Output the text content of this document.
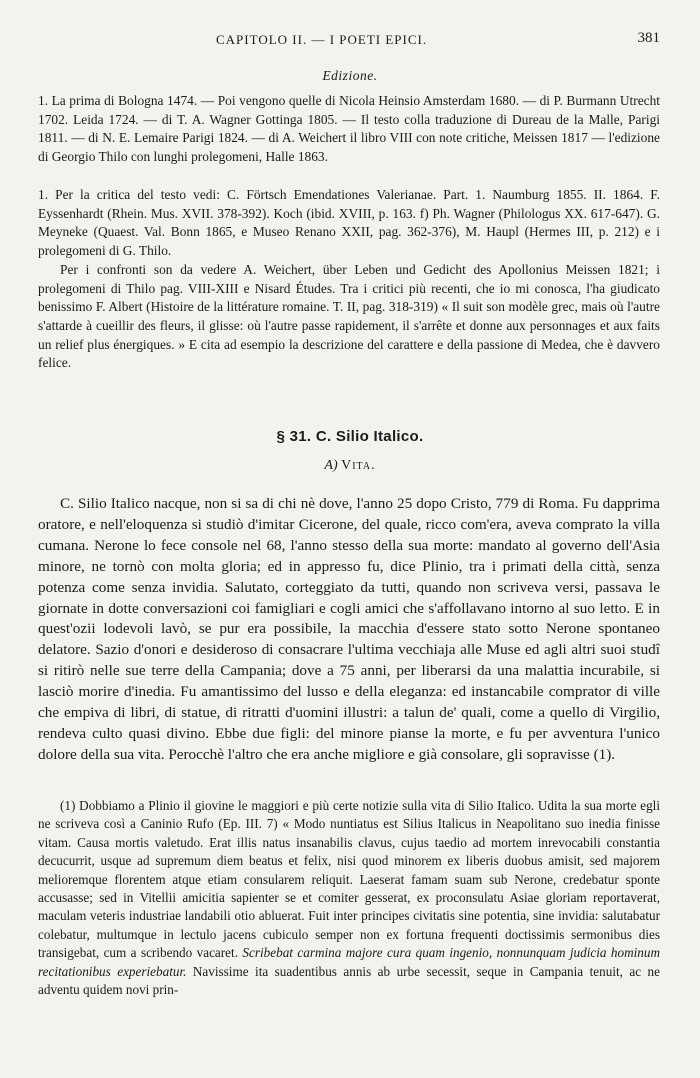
CAPITOLO II. — I POETI EPICI.	381
Edizione.

1. La prima di Bologna 1474. — Poi vengono quelle di Nicola Heinsio Amsterdam 1680. — di P. Burmann Utrecht 1702. Leida 1724. — di T. A. Wagner Gottinga 1805. — Il testo colla traduzione di Dureau de la Malle, Parigi 1811. — di N. E. Lemaire Parigi 1824. — di A. Weichert il libro VIII con note critiche, Meissen 1817 — l'edizione di Georgio Thilo con lunghi prolegomeni, Halle 1863.

1. Per la critica del testo vedi: C. Förtsch Emendationes Valerianae. Part. 1. Naumburg 1855. II. 1864. F. Eyssenhardt (Rhein. Mus. XVII. 378-392). Koch (ibid. XVIII, p. 163. f) Ph. Wagner (Philologus XX. 617-647). G. Meyneke (Quaest. Val. Bonn 1865, e Museo Renano XXII, pag. 362-376), M. Haupl (Hermes III, p. 212) e i prolegomeni di G. Thilo.

Per i confronti son da vedere A. Weichert, über Leben und Gedicht des Apollonius Meissen 1821; i prolegomeni di Thilo pag. VIII-XIII e Nisard Études. Tra i critici più recenti, che io mi conosca, l'ha giudicato benissimo F. Albert (Histoire de la littérature romaine. T. II, pag. 318-319) « Il suit son modèle grec, mais où l'autre s'attarde à cueillir des fleurs, il glisse: où l'autre passe rapidement, il s'arrête et donne aux personnages et aux faits un relief plus énergiques. » E cita ad esempio la descrizione del carattere e della passione di Medea, che è davvero felice.

§ 31. C. Silio Italico.
A) Vita.

C. Silio Italico nacque, non si sa di chi nè dove, l'anno 25 dopo Cristo, 779 di Roma. Fu dapprima oratore, e nell'eloquenza si studiò d'imitar Cicerone, del quale, ricco com'era, aveva comprato la villa cumana. Nerone lo fece console nel 68, l'anno stesso della sua morte: mandato al governo dell'Asia minore, ne tornò con molta gloria; ed in appresso fu, dice Plinio, tra i primati della città, senza potenza come senza invidia. Salutato, corteggiato da tutti, quando non scriveva versi, passava le giornate in dotte conversazioni coi famigliari e cogli amici che s'affollavano intorno al suo letto. E in quest'ozii lodevoli lavò, se pur era possibile, la macchia d'essere stato sotto Nerone spontaneo delatore. Sazio d'onori e desideroso di consacrare l'ultima vecchiaja alle Muse ed agli altri suoi studî si ritirò nelle sue terre della Campania; dove a 75 anni, per liberarsi da una malattia incurabile, si lasciò morire d'inedia. Fu amantissimo del lusso e della eleganza: ed instancabile comprator di ville che empiva di libri, di statue, di ritratti d'uomini illustri: a talun de' quali, come a quello di Virgilio, rendeva culto quasi divino. Ebbe due figli: del minore pianse la morte, e fu per avventura l'unico dolore della sua vita. Perocchè l'altro che era anche migliore e già consolare, gli sopravisse (1).

(1) Dobbiamo a Plinio il giovine le maggiori e più certe notizie sulla vita di Silio Italico. Udita la sua morte egli ne scriveva così a Caninio Rufo (Ep. III. 7) « Modo nuntiatus est Silius Italicus in Neapolitano suo inedia finisse vitam. Causa mortis valetudo. Erat illis natus insanabilis clavus, cujus taedio ad mortem inrevocabili constantia decucurrit, usque ad supremum diem beatus et felix, nisi quod minorem ex liberis duobus amisit, sed majorem melioremque florentem atque etiam consularem reliquit. Laeserat famam suam sub Nerone, credebatur sponte accusasse; sed in Vitellii amicitia sapienter se et comiter gesserat, ex proconsulatu Asiae gloriam reportaverat, maculam veteris industriae landabili otio abluerat. Fuit inter principes civitatis sine potentia, sine invidia: salutabatur colebatur, multumque in lectulo jacens cubiculo semper non ex fortuna frequenti doctissimis sermonibus dies transigebat, cum a scribendo vacaret. Scribebat carmina majore cura quam ingenio, nonnunquam judicia hominum recitationibus experiebatur. Navissime ita suadentibus annis ab urbe secessit, seque in Campania tenuit, ac ne adventu quidem novi prin-
